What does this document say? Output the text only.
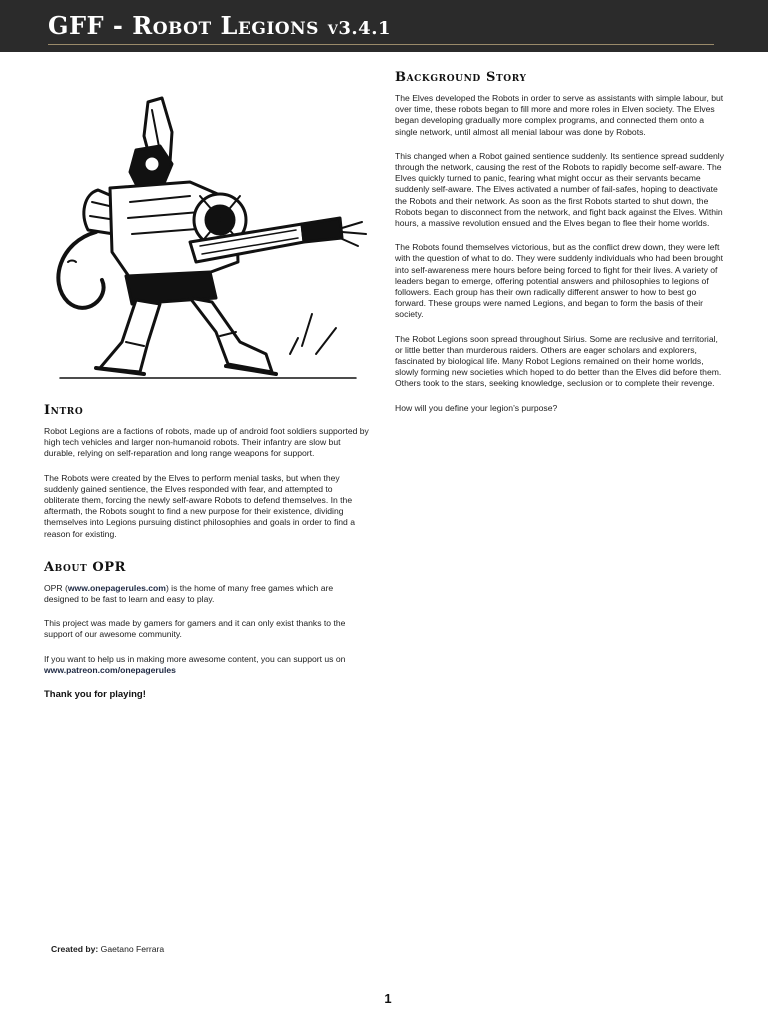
GFF - Robot Legions v3.4.1
Intro

Robot Legions are a factions of robots, made up of android foot soldiers supported by high tech vehicles and larger non-humanoid robots. Their infantry are slow but durable, relying on self-reparation and long range weapons for support.

The Robots were created by the Elves to perform menial tasks, but when they suddenly gained sentience, the Elves responded with fear, and attempted to obliterate them, forcing the newly self-aware Robots to defend themselves. In the aftermath, the Robots sought to find a new purpose for their existence, dividing themselves into Legions pursuing distinct philosophies and goals in order to find a reason for existing.

About OPR

OPR (www.onepagerules.com) is the home of many free games which are designed to be fast to learn and easy to play.

This project was made by gamers for gamers and it can only exist thanks to the support of our awesome community.

If you want to help us in making more awesome content, you can support us on www.patreon.com/onepagerules

Thank you for playing!

Background Story

The Elves developed the Robots in order to serve as assistants with simple labour, but over time, these robots began to fill more and more roles in Elven society. The Elves began developing gradually more complex programs, and connected them onto a single network, until almost all menial labour was done by Robots.

This changed when a Robot gained sentience suddenly. Its sentience spread suddenly through the network, causing the rest of the Robots to rapidly become self-aware. The Elves quickly turned to panic, fearing what might occur as their servants became suddenly self-aware. The Elves activated a number of fail-safes, hoping to deactivate the Robots and their network. As soon as the first Robots started to shut down, the Robots began to disconnect from the network, and fight back against the Elves. Within hours, a massive revolution ensued and the Elves began to flee their home worlds.

The Robots found themselves victorious, but as the conflict drew down, they were left with the question of what to do. They were suddenly individuals who had been brought into self-awareness mere hours before being forced to fight for their lives. A variety of leaders began to emerge, offering potential answers and philosophies to legions of followers. Each group has their own radically different answer to how to best go forward. These groups were named Legions, and began to form the basis of their society.

The Robot Legions soon spread throughout Sirius. Some are reclusive and territorial, or little better than murderous raiders. Others are eager scholars and explorers, fascinated by biological life. Many Robot Legions remained on their home worlds, slowly forming new societies which hoped to do better than the Elves did before them. Others took to the stars, seeking knowledge, seclusion or to complete their revenge.

How will you define your legion’s purpose?

Created by: Gaetano Ferrara
1
